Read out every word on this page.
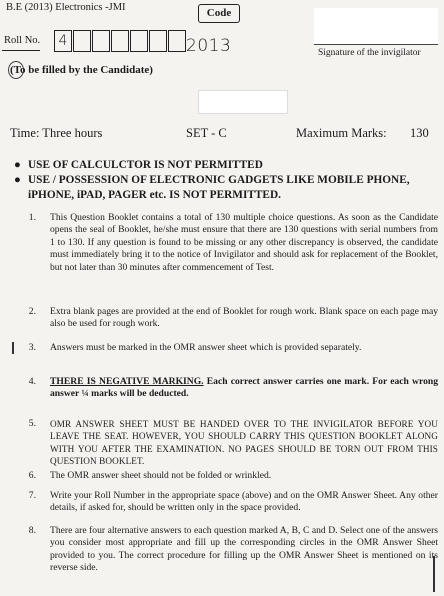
B.E (2013) Electronics -JMI	Code
Signature of the invigilator
Roll No.	4	2013
(To be filled by the Candidate)
Time: Three hours	SET - C	Maximum Marks: 130
● USE OF CALCULCTOR IS NOT PERMITTED
● USE / POSSESSION OF ELECTRONIC GADGETS LIKE MOBILE PHONE, iPHONE, iPAD, PAGER etc. IS NOT PERMITTED.
1. This Question Booklet contains a total of 130 multiple choice questions. As soon as the Candidate opens the seal of Booklet, he/she must ensure that there are 130 questions with serial numbers from 1 to 130. If any question is found to be missing or any other discrepancy is observed, the candidate must immediately bring it to the notice of Invigilator and should ask for replacement of the Booklet, but not later than 30 minutes after commencement of Test.
2. Extra blank pages are provided at the end of Booklet for rough work. Blank space on each page may also be used for rough work.
3. Answers must be marked in the OMR answer sheet which is provided separately.
4. THERE IS NEGATIVE MARKING. Each correct answer carries one mark. For each wrong answer ¼ marks will be deducted.
5. OMR ANSWER SHEET MUST BE HANDED OVER TO THE INVIGILATOR BEFORE YOU LEAVE THE SEAT. HOWEVER, YOU SHOULD CARRY THIS QUESTION BOOKLET ALONG WITH YOU AFTER THE EXAMINATION. NO PAGES SHOULD BE TORN OUT FROM THIS QUESTION BOOKLET.
6. The OMR answer sheet should not be folded or wrinkled.
7. Write your Roll Number in the appropriate space (above) and on the OMR Answer Sheet. Any other details, if asked for, should be written only in the space provided.
8. There are four alternative answers to each question marked A, B, C and D. Select one of the answers you consider most appropriate and fill up the corresponding circles in the OMR Answer Sheet provided to you. The correct procedure for filling up the OMR Answer Sheet is mentioned on its reverse side.
